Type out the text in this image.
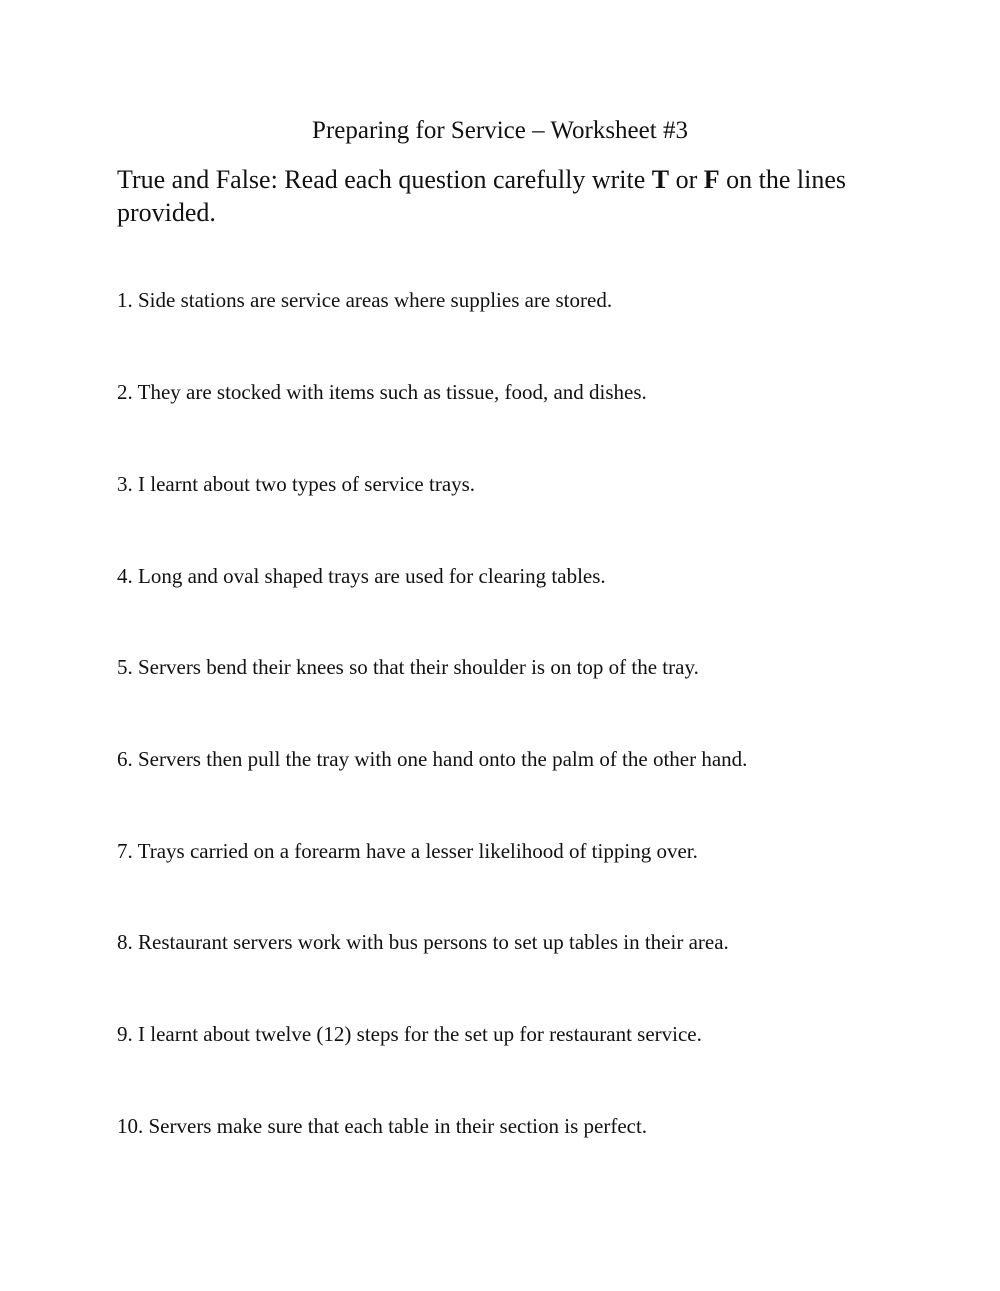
Preparing for Service – Worksheet #3
True and False: Read each question carefully write T or F on the lines provided.
1. Side stations are service areas where supplies are stored.
2. They are stocked with items such as tissue, food, and dishes.
3. I learnt about two types of service trays.
4. Long and oval shaped trays are used for clearing tables.
5. Servers bend their knees so that their shoulder is on top of the tray.
6. Servers then pull the tray with one hand onto the palm of the other hand.
7. Trays carried on a forearm have a lesser likelihood of tipping over.
8. Restaurant servers work with bus persons to set up tables in their area.
9. I learnt about twelve (12) steps for the set up for restaurant service.
10. Servers make sure that each table in their section is perfect.
